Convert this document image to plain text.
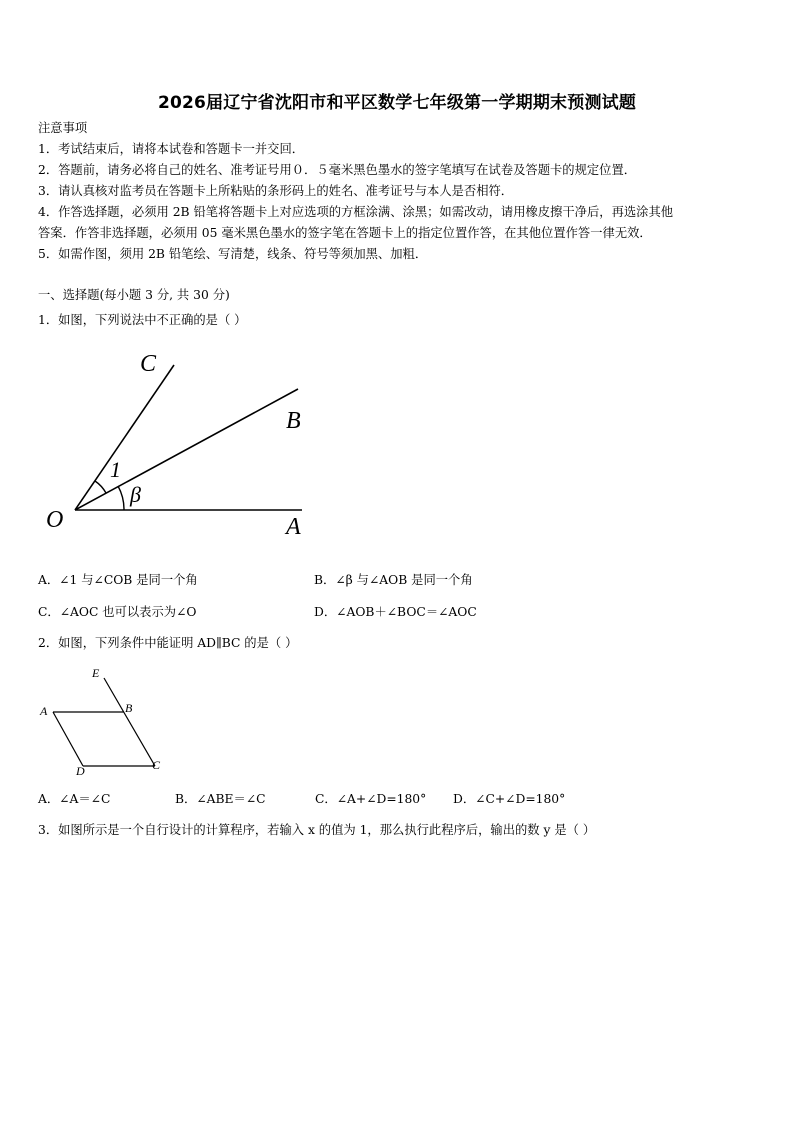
2026届辽宁省沈阳市和平区数学七年级第一学期期末预测试题
注意事项
1．考试结束后，请将本试卷和答题卡一并交回．
2．答题前，请务必将自己的姓名、准考证号用０．５毫米黑色墨水的签字笔填写在试卷及答题卡的规定位置．
3．请认真核对监考员在答题卡上所粘贴的条形码上的姓名、准考证号与本人是否相符．
4．作答选择题，必须用 2B 铅笔将答题卡上对应选项的方框涂满、涂黑；如需改动，请用橡皮擦干净后，再选涂其他
答案．作答非选择题，必须用 05 毫米黑色墨水的签字笔在答题卡上的指定位置作答，在其他位置作答一律无效．
5．如需作图，须用 2B 铅笔绘、写清楚，线条、符号等须加黑、加粗．
一、选择题(每小题 3 分, 共 30 分)
1．如图，下列说法中不正确的是（ ）
C
B
A
O
1
β
A．∠1 与∠COB 是同一个角	B．∠β 与∠AOB 是同一个角
C．∠AOC 也可以表示为∠O	D．∠AOB＋∠BOC＝∠AOC
2．如图，下列条件中能证明 AD∥BC 的是（ ）
E
A	B
D	C
A．∠A＝∠C	B．∠ABE＝∠C	C．∠A+∠D=180° D．∠C+∠D=180°
3．如图所示是一个自行设计的计算程序，若输入 x 的值为 1，那么执行此程序后，输出的数 y 是（ ）
